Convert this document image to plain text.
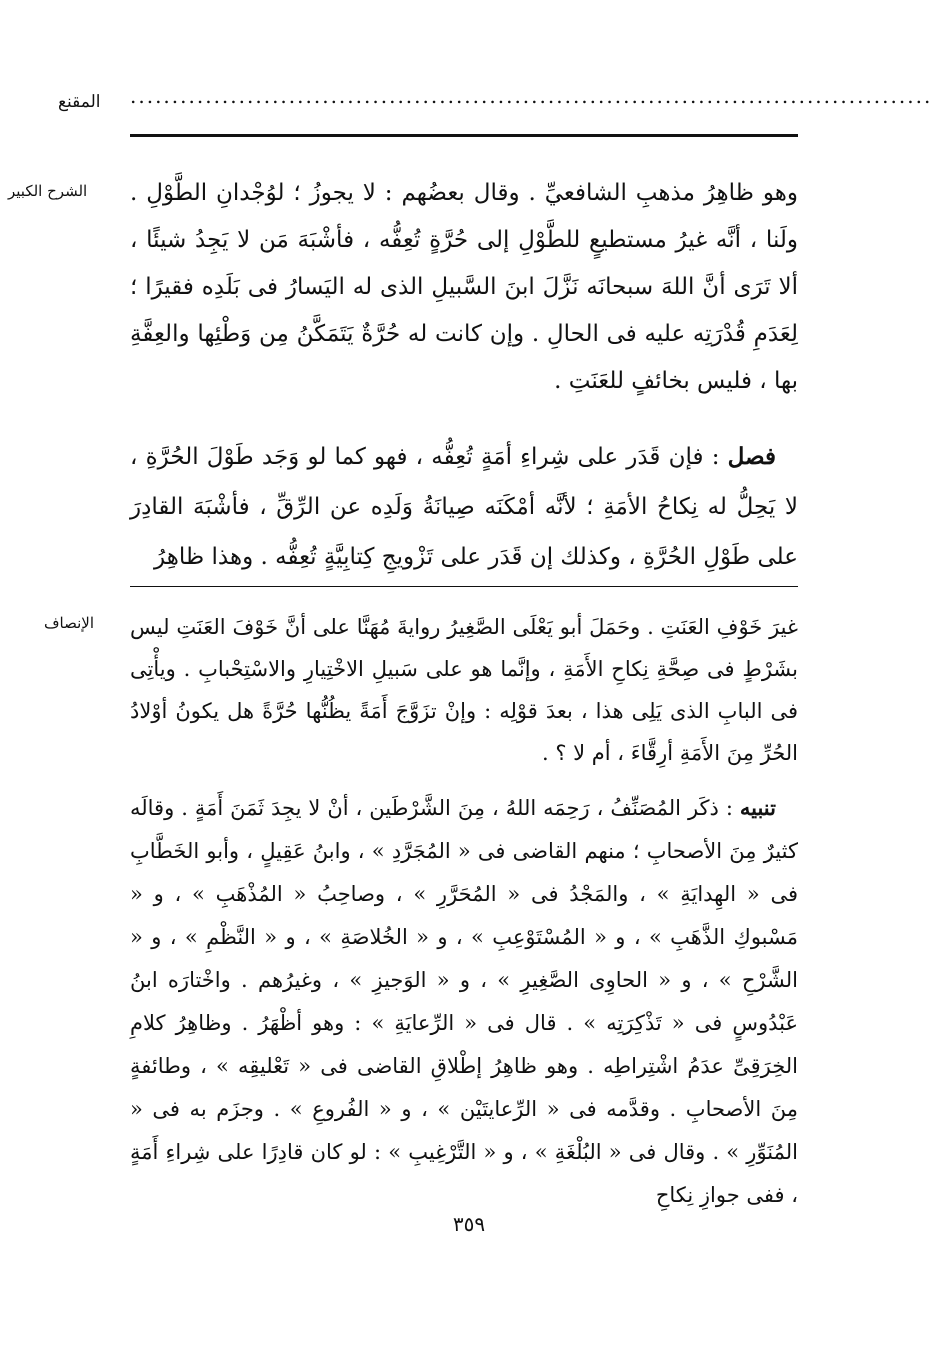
المقنع ................................................................................................
الشرح الكبير وهو ظاهِرُ مذهبِ الشافعيِّ . وقال بعضُهم : لا يجوزُ ؛ لوُجْدانِ الطَّوْلِ . ولَنا ، أنَّه غيرُ مستطيعٍ للطَّوْلِ إلى حُرَّةٍ تُعِفُّه ، فأشْبَهَ مَن لا يَجِدُ شيئًا ، ألا تَرَى أنَّ اللهَ سبحانَه نَزَّلَ ابنَ السَّبيلِ الذى له اليَسارُ فى بَلَدِه فقيرًا ؛ لِعَدَمِ قُدْرَتِه عليه فى الحالِ . وإن كانت له حُرَّةٌ يَتَمَكَّنُ مِن وَطْئِها والعِفَّةِ بها ، فليس بخائفٍ للعَنَتِ .

فصل : فإن قَدَر على شِراءِ أمَةٍ تُعِفُّه ، فهو كما لو وَجَد طَوْلَ الحُرَّةِ ، لا يَحِلُّ له نِكاحُ الأمَةِ ؛ لأنَّه أمْكَنَه صِيانَةُ وَلَدِه عن الرِّقِّ ، فأشْبَهَ القادِرَ على طَوْلِ الحُرَّةِ ، وكذلك إن قَدَر على تَزْويجِ كِتابِيَّةٍ تُعِفُّه . وهذا ظاهِرُ

الإنصاف غيرَ خَوْفِ العَنَتِ . وحَمَلَ أبو يَعْلَى الصَّغِيرُ روايةَ مُهَنَّا على أنَّ خَوْفَ العَنَتِ ليس بشَرْطٍ فى صِحَّةِ نِكاحِ الأَمَةِ ، وإنَّما هو على سَبيلِ الاخْتِيارِ والاسْتِحْبابِ . ويأْتِى فى البابِ الذى يَلِى هذا ، بعدَ قوْلِه : وإنْ تزَوَّجَ أَمَةً يظُنُّها حُرَّةً هل يكونُ أوْلادُ الحُرِّ مِنَ الأَمَةِ أرِقَّاءَ ، أم لا ؟ .

تنبيه : ذكَر المُصَنِّفُ ، رَحِمَه اللهُ ، مِنَ الشَّرْطَين ، أنْ لا يجِدَ ثَمَنَ أَمَةٍ . وقالَه كثيرٌ مِنَ الأصحابِ ؛ منهم القاضى فى « المُجَرَّدِ » ، وابنُ عَقِيلٍ ، وأبو الخَطَّابِ فى « الهِدايَةِ » ، والمَجْدُ فى « المُحَرَّرِ » ، وصاحِبُ « المُذْهَبِ » ، و « مَسْبوكِ الذَّهَبِ » ، و « المُسْتَوْعِبِ » ، و « الخُلاصَةِ » ، و « النَّظْمِ » ، و « الشَّرْحِ » ، و « الحاوِى الصَّغِيرِ » ، و « الوَجيزِ » ، وغيرُهم . واخْتارَه ابنُ عَبْدُوسٍ فى « تَذْكِرَتِه » . قال فى « الرِّعايَةِ » : وهو أظْهَرُ . وظاهِرُ كلامِ الخِرَقِىِّ عدَمُ اشْتِراطِه . وهو ظاهِرُ إطْلاقِ القاضى فى « تَعْليقِه » ، وطائفةٍ مِنَ الأصحابِ . وقدَّمه فى « الرِّعايتَيْن » ، و « الفُروعِ » . وجزَم به فى « المُنَوِّرِ » . وقال فى « البُلْغَةِ » ، و « التَّرْغِيبِ » : لو كان قادِرًا على شِراءِ أَمَةٍ ، ففى جوازِ نِكاحِ

٣٥٩
